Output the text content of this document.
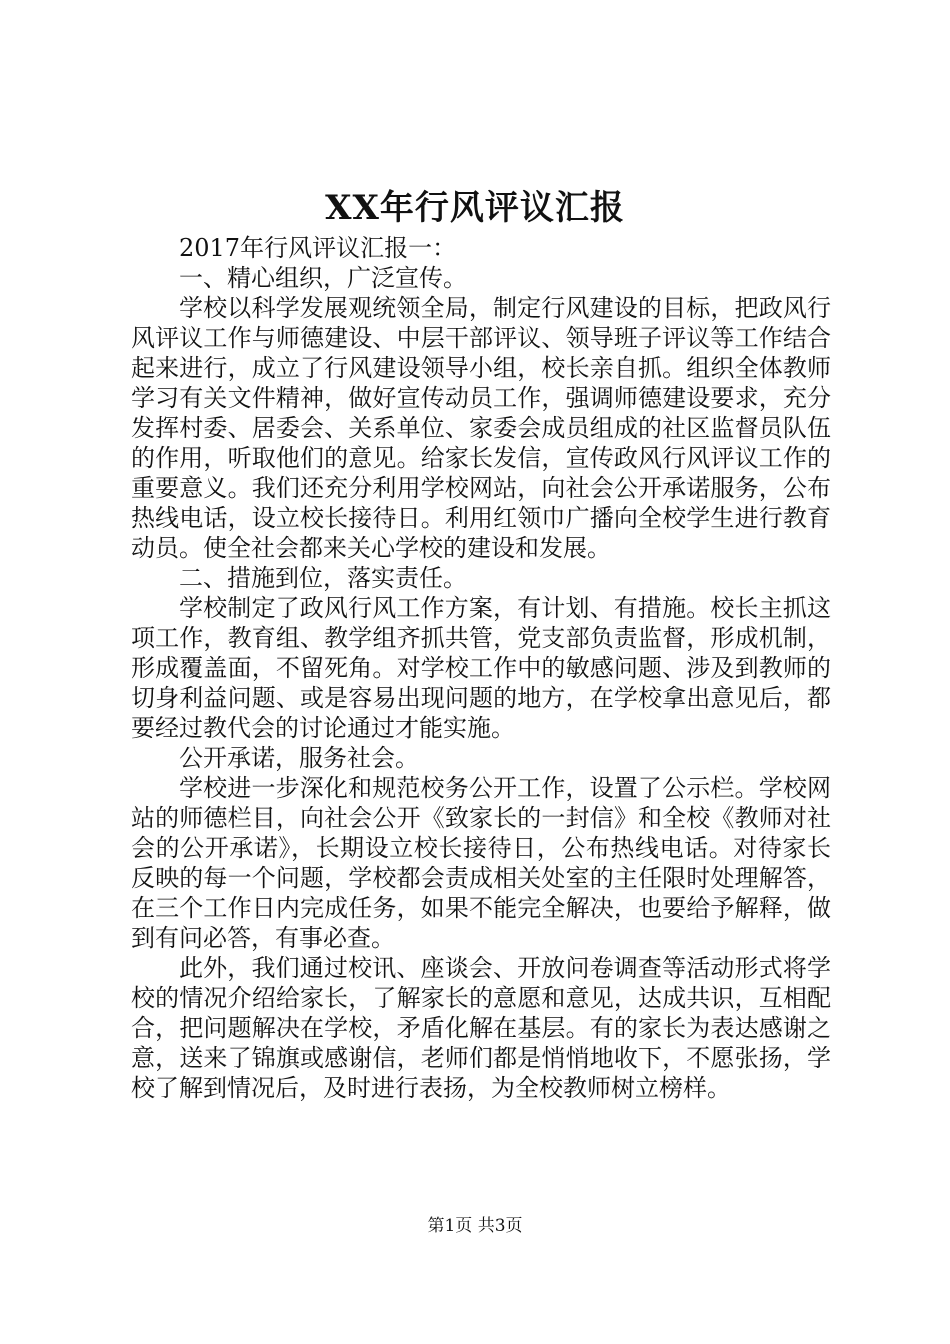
XX年行风评议汇报

2017年行风评议汇报一：

一、精心组织，广泛宣传。

学校以科学发展观统领全局，制定行风建设的目标，把政风行风评议工作与师德建设、中层干部评议、领导班子评议等工作结合起来进行，成立了行风建设领导小组，校长亲自抓。组织全体教师学习有关文件精神，做好宣传动员工作，强调师德建设要求，充分发挥村委、居委会、关系单位、家委会成员组成的社区监督员队伍的作用，听取他们的意见。给家长发信，宣传政风行风评议工作的重要意义。我们还充分利用学校网站，向社会公开承诺服务，公布热线电话，设立校长接待日。利用红领巾广播向全校学生进行教育动员。使全社会都来关心学校的建设和发展。

二、措施到位，落实责任。

学校制定了政风行风工作方案，有计划、有措施。校长主抓这项工作，教育组、教学组齐抓共管，党支部负责监督，形成机制，形成覆盖面，不留死角。对学校工作中的敏感问题、涉及到教师的切身利益问题、或是容易出现问题的地方，在学校拿出意见后，都要经过教代会的讨论通过才能实施。

公开承诺，服务社会。

学校进一步深化和规范校务公开工作，设置了公示栏。学校网站的师德栏目，向社会公开《致家长的一封信》和全校《教师对社会的公开承诺》，长期设立校长接待日，公布热线电话。对待家长反映的每一个问题，学校都会责成相关处室的主任限时处理解答，在三个工作日内完成任务，如果不能完全解决，也要给予解释，做到有问必答，有事必查。

此外，我们通过校讯、座谈会、开放问卷调查等活动形式将学校的情况介绍给家长，了解家长的意愿和意见，达成共识，互相配合，把问题解决在学校，矛盾化解在基层。有的家长为表达感谢之意，送来了锦旗或感谢信，老师们都是悄悄地收下，不愿张扬，学校了解到情况后，及时进行表扬，为全校教师树立榜样。

第1页 共3页
